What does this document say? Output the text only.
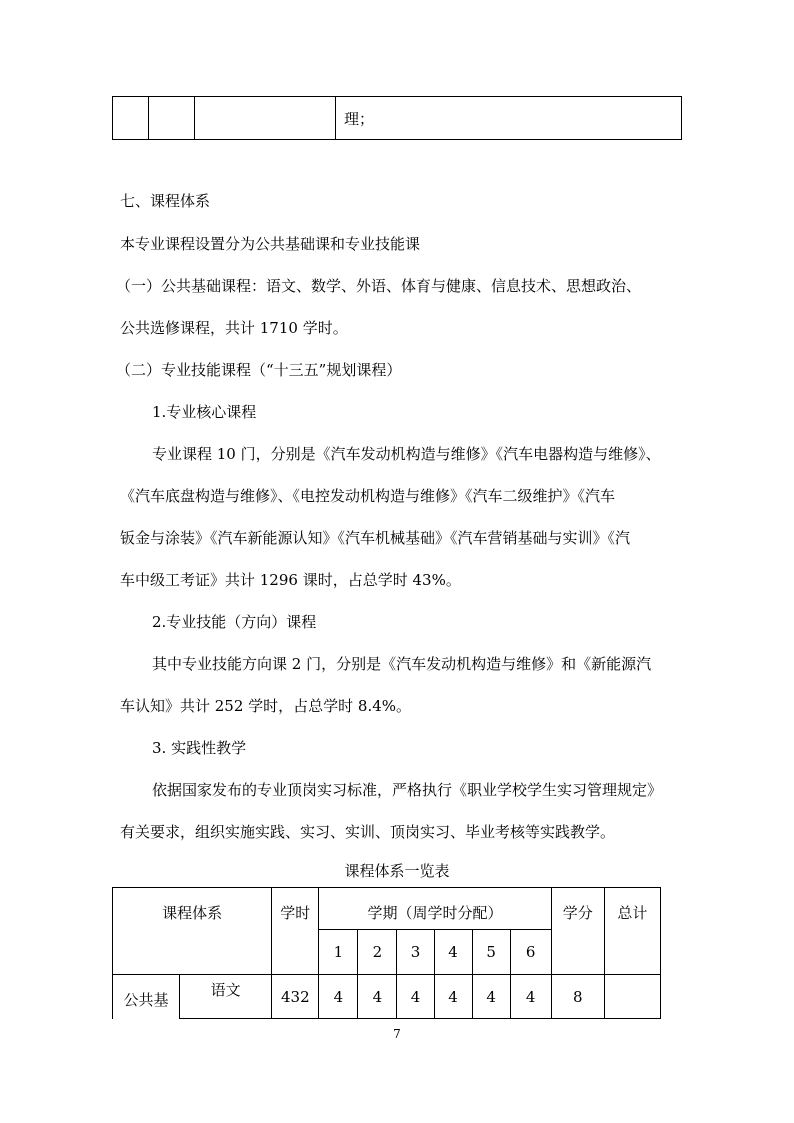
			理；
七、课程体系
本专业课程设置分为公共基础课和专业技能课
（一）公共基础课程：语文、数学、外语、体育与健康、信息技术、思想政治、
公共选修课程，共计 1710 学时。
（二）专业技能课程（“十三五”规划课程）
1.专业核心课程
专业课程 10 门，分别是《汽车发动机构造与维修》《汽车电器构造与维修》、
《汽车底盘构造与维修》、《电控发动机构造与维修》《汽车二级维护》《汽车
钣金与涂装》《汽车新能源认知》《汽车机械基础》《汽车营销基础与实训》《汽
车中级工考证》共计 1296 课时，占总学时 43%。
2.专业技能（方向）课程
其中专业技能方向课 2 门，分别是《汽车发动机构造与维修》和《新能源汽
车认知》共计 252 学时，占总学时 8.4%。
3. 实践性教学
依据国家发布的专业顶岗实习标准，严格执行《职业学校学生实习管理规定》
有关要求，组织实施实践、实习、实训、顶岗实习、毕业考核等实践教学。
课程体系一览表
课程体系		学时	学期（周学时分配）						学分	总计
			1	2	3	4	5	6		
公共基	语文	432	4	4	4	4	4	4	8	
7
